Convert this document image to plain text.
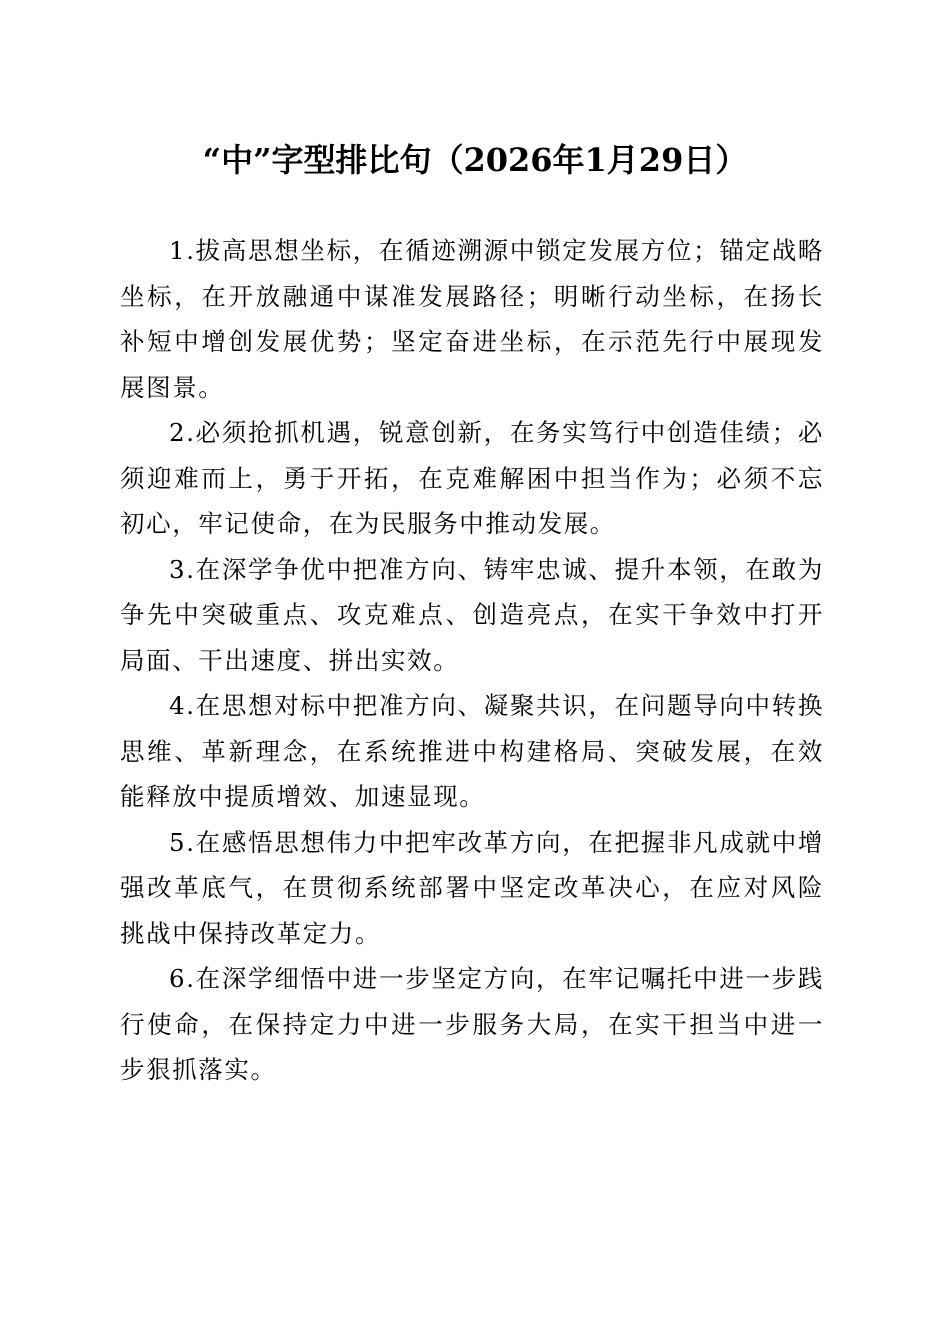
“中”字型排比句（2026年1月29日）

1.拔高思想坐标，在循迹溯源中锁定发展方位；锚定战略坐标，在开放融通中谋准发展路径；明晰行动坐标，在扬长补短中增创发展优势；坚定奋进坐标，在示范先行中展现发展图景。

2.必须抢抓机遇，锐意创新，在务实笃行中创造佳绩；必须迎难而上，勇于开拓，在克难解困中担当作为；必须不忘初心，牢记使命，在为民服务中推动发展。

3.在深学争优中把准方向、铸牢忠诚、提升本领，在敢为争先中突破重点、攻克难点、创造亮点，在实干争效中打开局面、干出速度、拼出实效。

4.在思想对标中把准方向、凝聚共识，在问题导向中转换思维、革新理念，在系统推进中构建格局、突破发展，在效能释放中提质增效、加速显现。

5.在感悟思想伟力中把牢改革方向，在把握非凡成就中增强改革底气，在贯彻系统部署中坚定改革决心，在应对风险挑战中保持改革定力。

6.在深学细悟中进一步坚定方向，在牢记嘱托中进一步践行使命，在保持定力中进一步服务大局，在实干担当中进一步狠抓落实。
